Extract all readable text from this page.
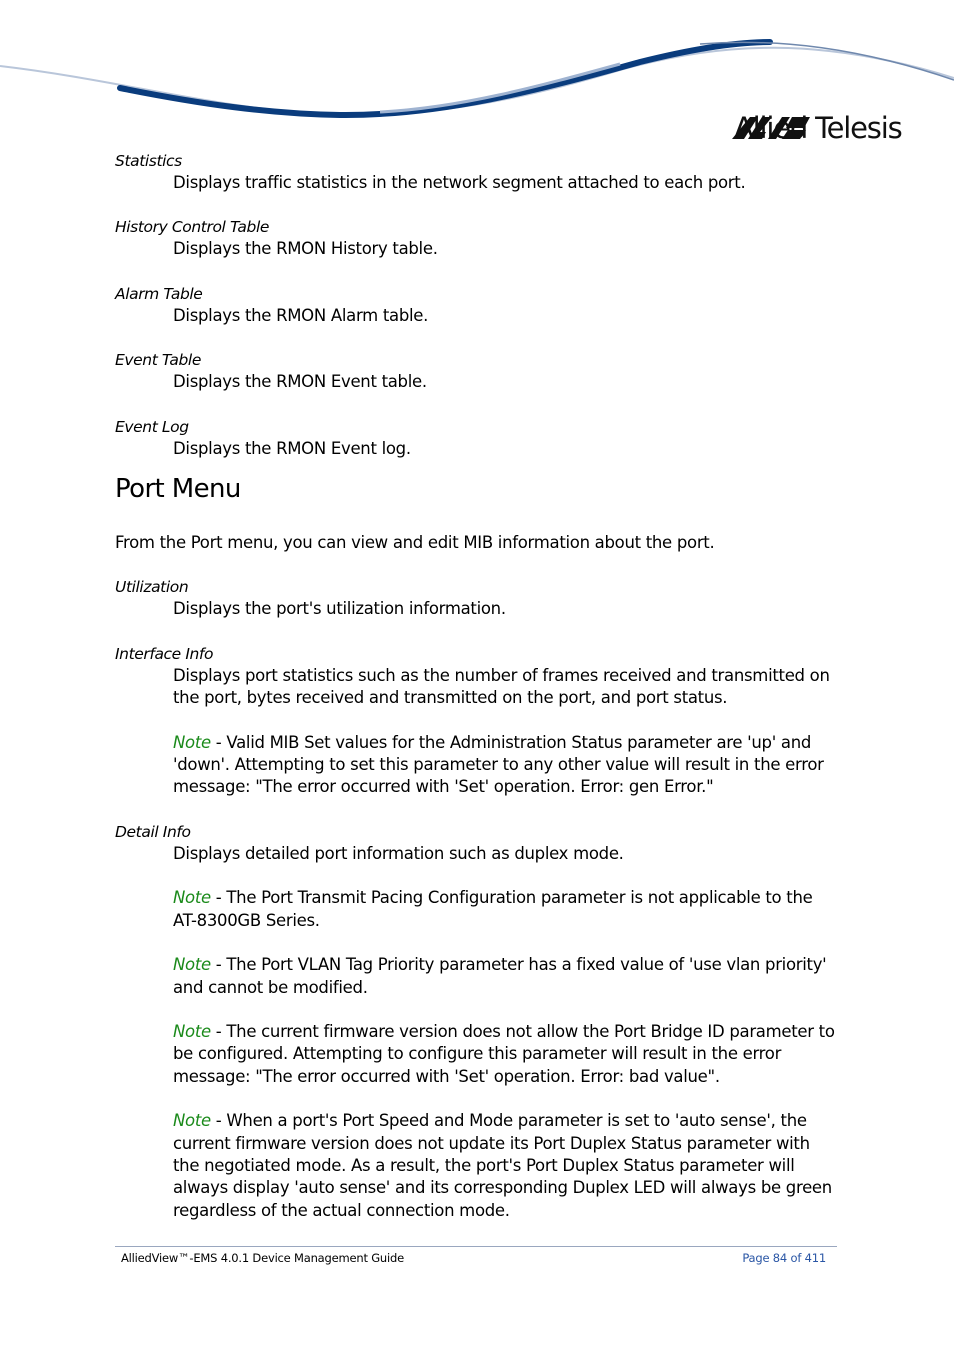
Allied Telesis

Statistics

Displays traffic statistics in the network segment attached to each port.

History Control Table

Displays the RMON History table.

Alarm Table

Displays the RMON Alarm table.

Event Table

Displays the RMON Event table.

Event Log

Displays the RMON Event log.

Port Menu

From the Port menu, you can view and edit MIB information about the port.

Utilization

Displays the port's utilization information.

Interface Info

Displays port statistics such as the number of frames received and transmitted on the port, bytes received and transmitted on the port, and port status.

Note - Valid MIB Set values for the Administration Status parameter are 'up' and 'down'. Attempting to set this parameter to any other value will result in the error message: "The error occurred with 'Set' operation. Error: gen Error."

Detail Info

Displays detailed port information such as duplex mode.

Note - The Port Transmit Pacing Configuration parameter is not applicable to the AT-8300GB Series.

Note - The Port VLAN Tag Priority parameter has a fixed value of 'use vlan priority' and cannot be modified.

Note - The current firmware version does not allow the Port Bridge ID parameter to be configured. Attempting to configure this parameter will result in the error message: "The error occurred with 'Set' operation. Error: bad value".

Note - When a port's Port Speed and Mode parameter is set to 'auto sense', the current firmware version does not update its Port Duplex Status parameter with the negotiated mode. As a result, the port's Port Duplex Status parameter will always display 'auto sense' and its corresponding Duplex LED will always be green regardless of the actual connection mode.

AlliedView™-EMS 4.0.1 Device Management Guide	Page 84 of 411
